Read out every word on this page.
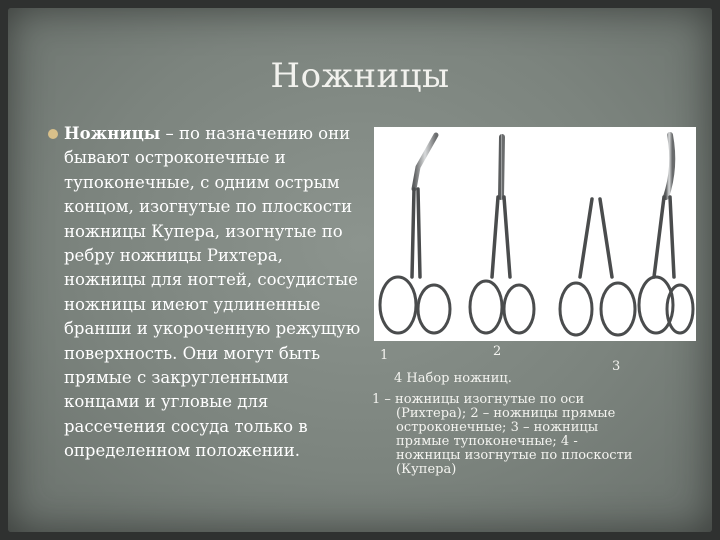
Ножницы
Ножницы – по назначению они бывают остроконечные и тупоконечные, с одним острым концом, изогнутые по плоскости ножницы Купера, изогнутые по ребру ножницы Рихтера, ножницы для ногтей, сосудистые ножницы имеют удлиненные бранши и укороченную режущую поверхность. Они могут быть прямые с закругленными концами и угловые для рассечения сосуда только в определенном положении.
1	2
3
4 Набор ножниц.
1 – ножницы изогнутые по оси
(Рихтера); 2 – ножницы прямые
остроконечные; 3 – ножницы
прямые тупоконечные; 4 -
ножницы изогнутые по плоскости
(Купера)
